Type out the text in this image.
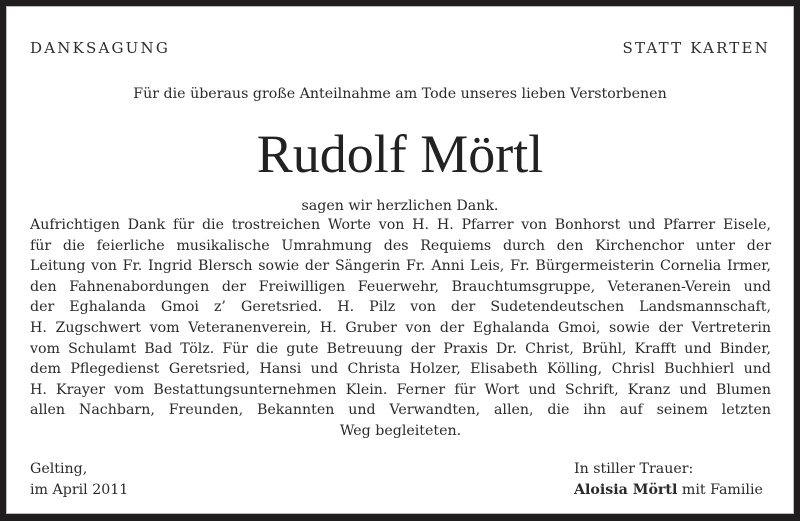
DANKSAGUNG	STATT KARTEN
Für die überaus große Anteilnahme am Tode unseres lieben Verstorbenen
Rudolf Mörtl
sagen wir herzlichen Dank.
Aufrichtigen Dank für die trostreichen Worte von H. H. Pfarrer von Bonhorst und Pfarrer Eisele,
für die feierliche musikalische Umrahmung des Requiems durch den Kirchenchor unter der
Leitung von Fr. Ingrid Blersch sowie der Sängerin Fr. Anni Leis, Fr. Bürgermeisterin Cornelia Irmer,
den Fahnenabordungen der Freiwilligen Feuerwehr, Brauchtumsgruppe, Veteranen-Verein und
der Eghalanda Gmoi z’ Geretsried. H. Pilz von der Sudetendeutschen Landsmannschaft,
H. Zugschwert vom Veteranenverein, H. Gruber von der Eghalanda Gmoi, sowie der Vertreterin
vom Schulamt Bad Tölz. Für die gute Betreuung der Praxis Dr. Christ, Brühl, Krafft und Binder,
dem Pflegedienst Geretsried, Hansi und Christa Holzer, Elisabeth Kölling, Chrisl Buchhierl und
H. Krayer vom Bestattungsunternehmen Klein. Ferner für Wort und Schrift, Kranz und Blumen
allen Nachbarn, Freunden, Bekannten und Verwandten, allen, die ihn auf seinem letzten
Weg begleiteten.
Gelting,
im April 2011
In stiller Trauer:
Aloisia Mörtl mit Familie
